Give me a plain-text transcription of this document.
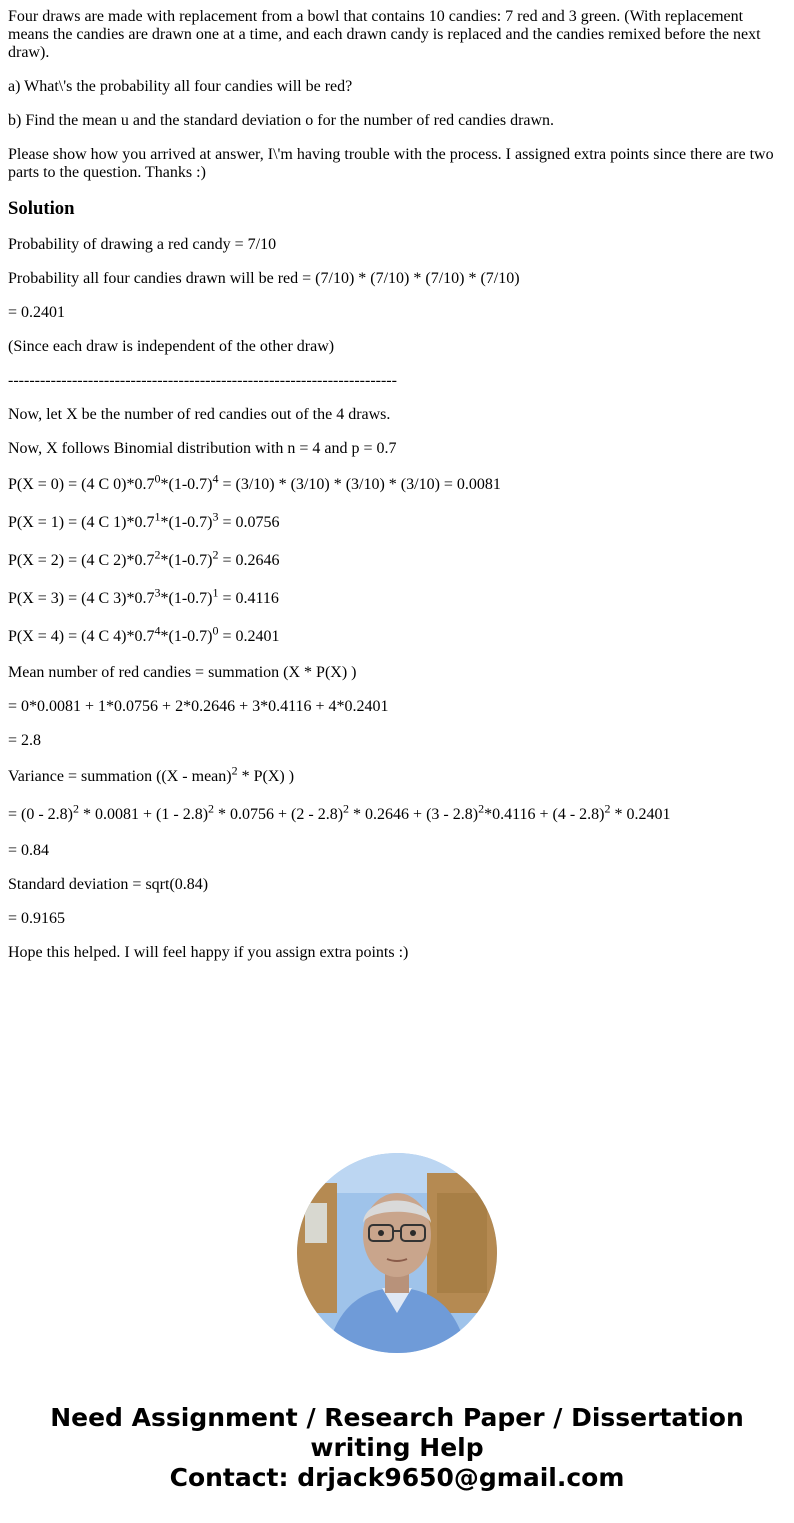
Four draws are made with replacement from a bowl that contains 10 candies: 7 red and 3 green. (With replacement means the candies are drawn one at a time, and each drawn candy is replaced and the candies remixed before the next draw).

a) What\'s the probability all four candies will be red?

b) Find the mean u and the standard deviation o for the number of red candies drawn.

Please show how you arrived at answer, I\'m having trouble with the process. I assigned extra points since there are two parts to the question. Thanks :)

Solution

Probability of drawing a red candy = 7/10

Probability all four candies drawn will be red = (7/10) * (7/10) * (7/10) * (7/10)

= 0.2401

(Since each draw is independent of the other draw)

-------------------------------------------------------------------------

Now, let X be the number of red candies out of the 4 draws.

Now, X follows Binomial distribution with n = 4 and p = 0.7

P(X = 0) = (4 C $0)*0.7^0*(1-0.7)^4 = (3/10) * (3/10) * (3/10) * (3/10) = 0.0081$

P(X = 1) = (4 C $1)*0.7^1*(1-0.7)^3 = 0.0756$

P(X = 2) = (4 C $2)*0.7^2*(1-0.7)^2 = 0.2646$

P(X = 3) = (4 C $3)*0.7^3*(1-0.7)^1 = 0.4116$

P(X = 4) = (4 C $4)*0.7^4*(1-0.7)^0 = 0.2401$

Mean number of red candies = summation (X * P(X) )

= 0*0.0081 + 1*0.0756 + 2*0.2646 + 3*0.4116 + 4*0.2401

= 2.8

Variance = summation ((X - mean)$^2$ * P(X) )

= (0 - 2.8)$^2$ * 0.0081 + (1 - 2.8)$^2$ * 0.0756 + (2 - 2.8)$^2$ * 0.2646 + (3 - 2.8)$^2$*0.4116 + (4 - 2.8)$^2$ * 0.2401

= 0.84

Standard deviation = sqrt(0.84)

= 0.9165

Hope this helped. I will feel happy if you assign extra points :)

Need Assignment / Research Paper / Dissertation
writing Help
Contact: drjack9650@gmail.com
